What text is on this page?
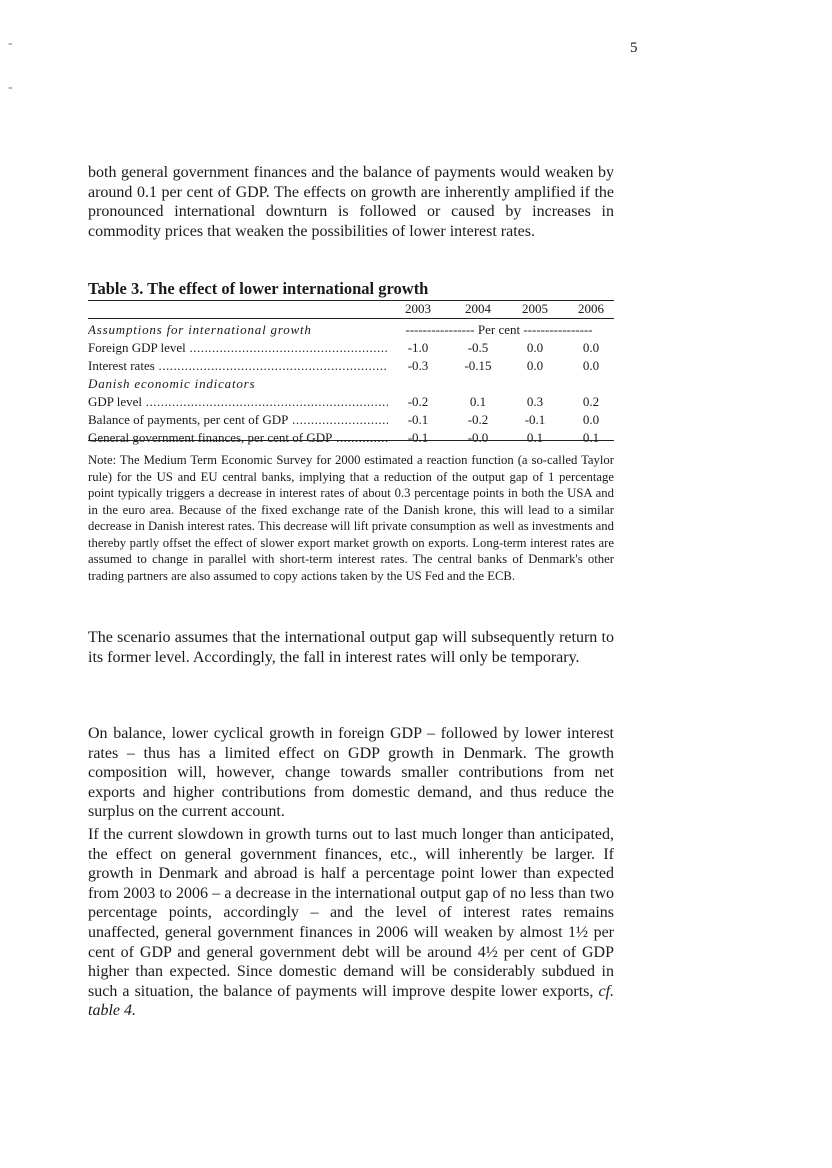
5
-
-

both general government finances and the balance of payments would weaken by around 0.1 per cent of GDP. The effects on growth are inherently amplified if the pronounced international downturn is followed or caused by increases in commodity prices that weaken the possibilities of lower interest rates.

Table 3. The effect of lower international growth
2003	2004	2005	2006
Assumptions for international growth	---------------- Per cent ----------------
Foreign GDP level .....	-1.0	-0.5	0.0	0.0
Interest rates .....	-0.3	-0.15	0.0	0.0
Danish economic indicators
GDP level .....	-0.2	0.1	0.3	0.2
Balance of payments, per cent of GDP .....	-0.1	-0.2	-0.1	0.0
General government finances, per cent of GDP .....	-0.1	-0.0	0.1	0.1

Note: The Medium Term Economic Survey for 2000 estimated a reaction function (a so-called Taylor rule) for the US and EU central banks, implying that a reduction of the output gap of 1 percentage point typically triggers a decrease in interest rates of about 0.3 percentage points in both the USA and in the euro area. Because of the fixed exchange rate of the Danish krone, this will lead to a similar decrease in Danish interest rates. This decrease will lift private consumption as well as investments and thereby partly offset the effect of slower export market growth on exports. Long-term interest rates are assumed to change in parallel with short-term interest rates. The central banks of Denmark's other trading partners are also assumed to copy actions taken by the US Fed and the ECB.

The scenario assumes that the international output gap will subsequently return to its former level. Accordingly, the fall in interest rates will only be temporary.

On balance, lower cyclical growth in foreign GDP – followed by lower interest rates – thus has a limited effect on GDP growth in Denmark. The growth composition will, however, change towards smaller contributions from net exports and higher contributions from domestic demand, and thus reduce the surplus on the current account.

If the current slowdown in growth turns out to last much longer than anticipated, the effect on general government finances, etc., will inherently be larger. If growth in Denmark and abroad is half a percentage point lower than expected from 2003 to 2006 – a decrease in the international output gap of no less than two percentage points, accordingly – and the level of interest rates remains unaffected, general government finances in 2006 will weaken by almost 1½ per cent of GDP and general government debt will be around 4½ per cent of GDP higher than expected. Since domestic demand will be considerably subdued in such a situation, the balance of payments will improve despite lower exports, cf. table 4.
